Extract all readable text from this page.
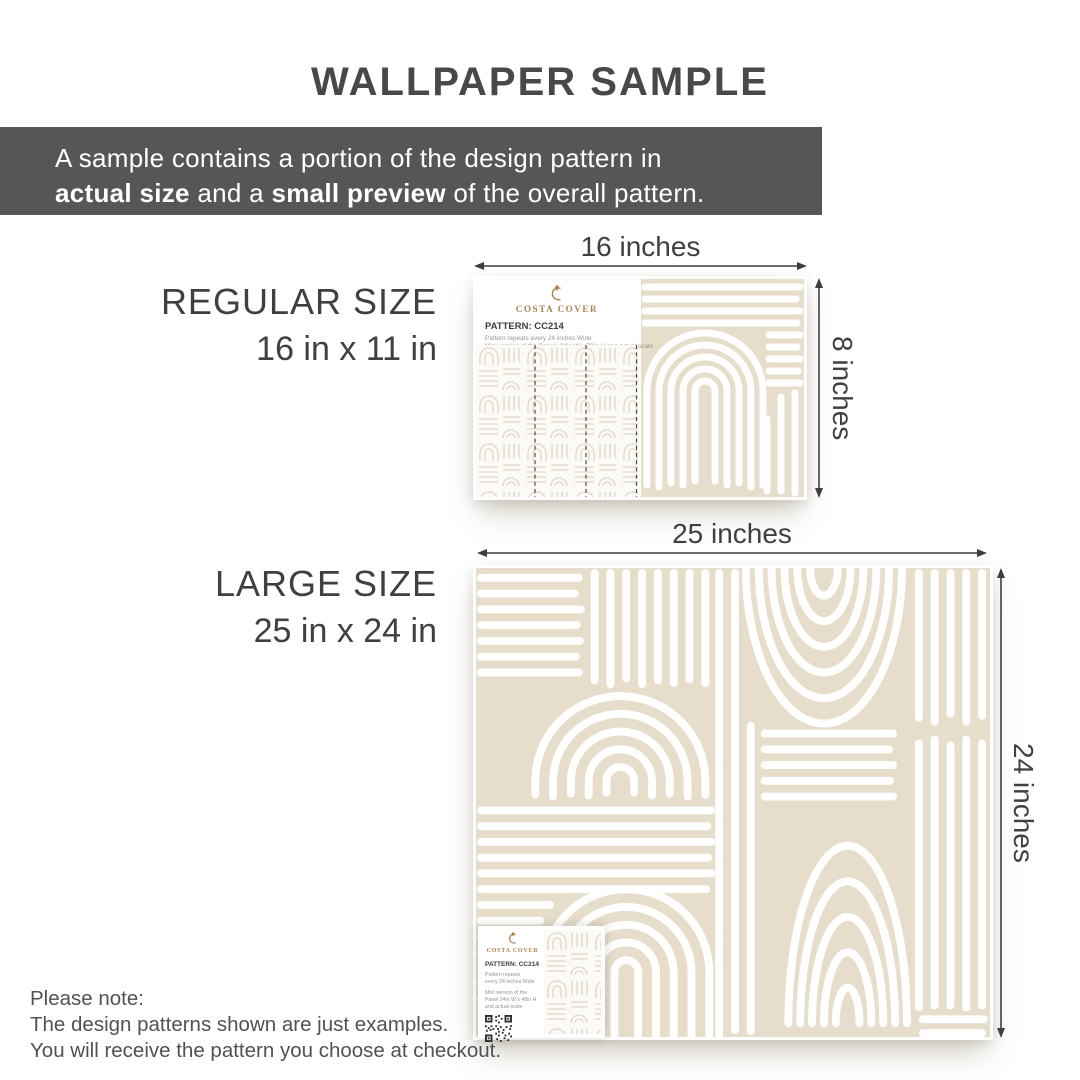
WALLPAPER SAMPLE
A sample contains a portion of the design pattern in
actual size and a small preview of the overall pattern.
REGULAR SIZE
16 in x 11 in
LARGE SIZE
25 in x 24 in
16 inches
8 inches
COSTA COVER
PATTERN: CC214
Pattern repeats every 24 inches Wide
25 inches
24 inches
COSTA COVER
PATTERN: CC214
Pattern repeats
every 24 inches Wide
Mini version of the
Panel 24in W x 48in H
and actual scale
Please note:
The design patterns shown are just examples.
You will receive the pattern you choose at checkout.
